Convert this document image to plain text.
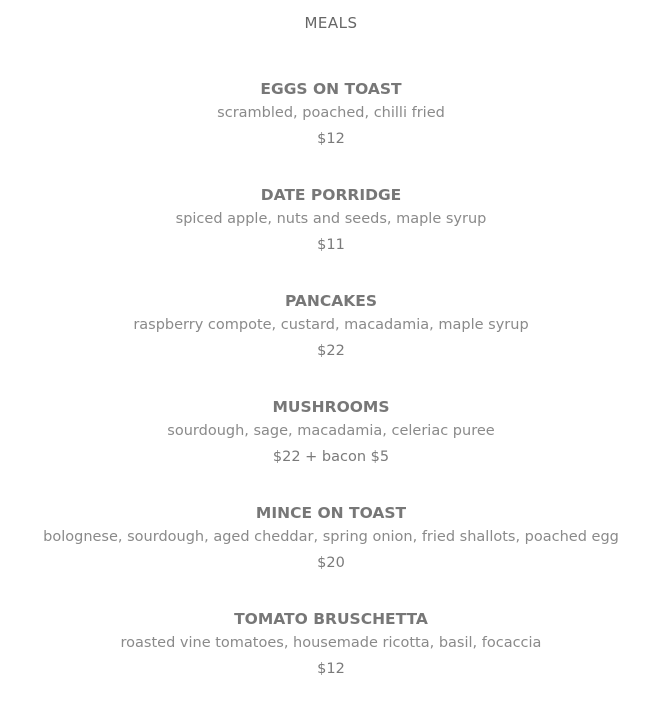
MEALS
EGGS ON TOAST
scrambled, poached, chilli fried
$12
DATE PORRIDGE
spiced apple, nuts and seeds, maple syrup
$11
PANCAKES
raspberry compote, custard, macadamia, maple syrup
$22
MUSHROOMS
sourdough, sage, macadamia, celeriac puree
$22 + bacon $5
MINCE ON TOAST
bolognese, sourdough, aged cheddar, spring onion, fried shallots, poached egg
$20
TOMATO BRUSCHETTA
roasted vine tomatoes, housemade ricotta, basil, focaccia
$12
